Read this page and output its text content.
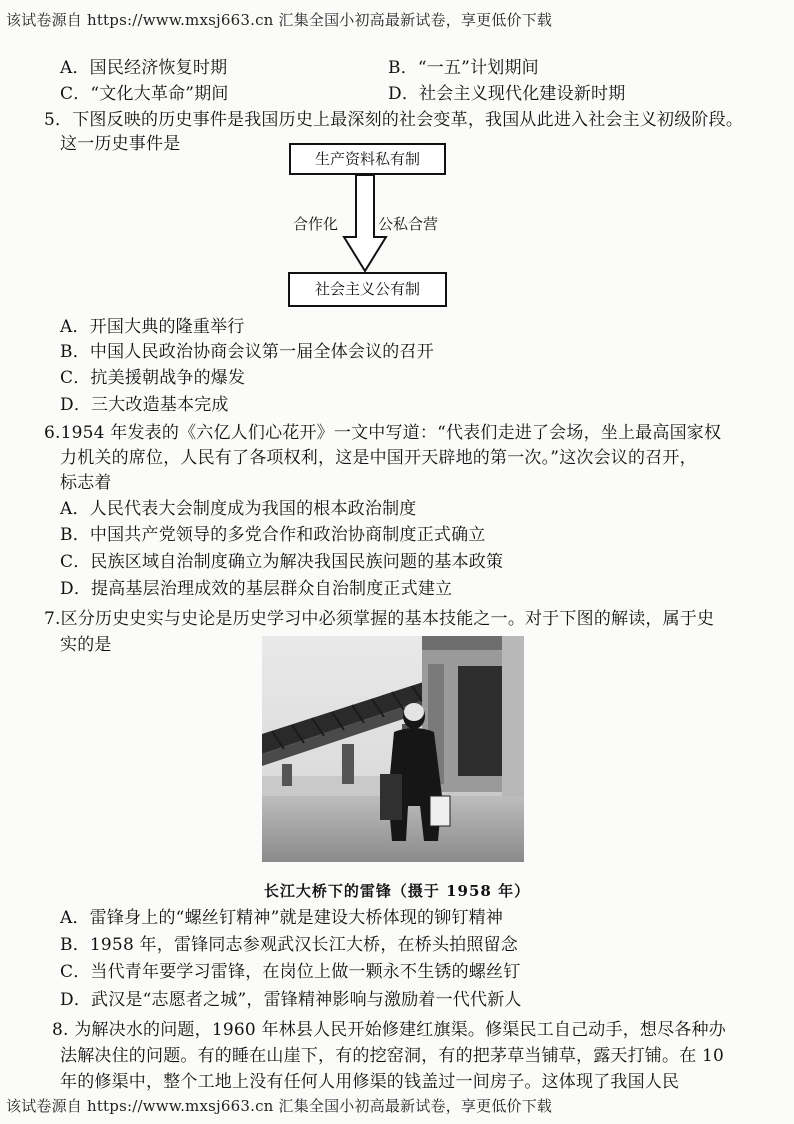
该试卷源自 https://www.mxsj663.cn 汇集全国小初高最新试卷，享更低价下载
A．国民经济恢复时期	B．“一五”计划期间
C．“文化大革命”期间	D．社会主义现代化建设新时期
5．下图反映的历史事件是我国历史上最深刻的社会变革，我国从此进入社会主义初级阶段。
这一历史事件是
生产资料私有制
合作化	公私合营
社会主义公有制
A．开国大典的隆重举行
B．中国人民政治协商会议第一届全体会议的召开
C．抗美援朝战争的爆发
D．三大改造基本完成
6.1954 年发表的《六亿人们心花开》一文中写道：“代表们走进了会场，坐上最高国家权
力机关的席位，人民有了各项权利，这是中国开天辟地的第一次。”这次会议的召开，
标志着
A．人民代表大会制度成为我国的根本政治制度
B．中国共产党领导的多党合作和政治协商制度正式确立
C．民族区域自治制度确立为解决我国民族问题的基本政策
D．提高基层治理成效的基层群众自治制度正式建立
7.区分历史史实与史论是历史学习中必须掌握的基本技能之一。对于下图的解读，属于史
实的是
长江大桥下的雷锋（摄于 1958 年）
A．雷锋身上的“螺丝钉精神”就是建设大桥体现的铆钉精神
B．1958 年，雷锋同志参观武汉长江大桥，在桥头拍照留念
C．当代青年要学习雷锋，在岗位上做一颗永不生锈的螺丝钉
D．武汉是“志愿者之城”，雷锋精神影响与激励着一代代新人
8. 为解决水的问题，1960 年林县人民开始修建红旗渠。修渠民工自己动手，想尽各种办
法解决住的问题。有的睡在山崖下，有的挖窑洞，有的把茅草当铺草，露天打铺。在 10
年的修渠中，整个工地上没有任何人用修渠的钱盖过一间房子。这体现了我国人民
该试卷源自 https://www.mxsj663.cn 汇集全国小初高最新试卷，享更低价下载
